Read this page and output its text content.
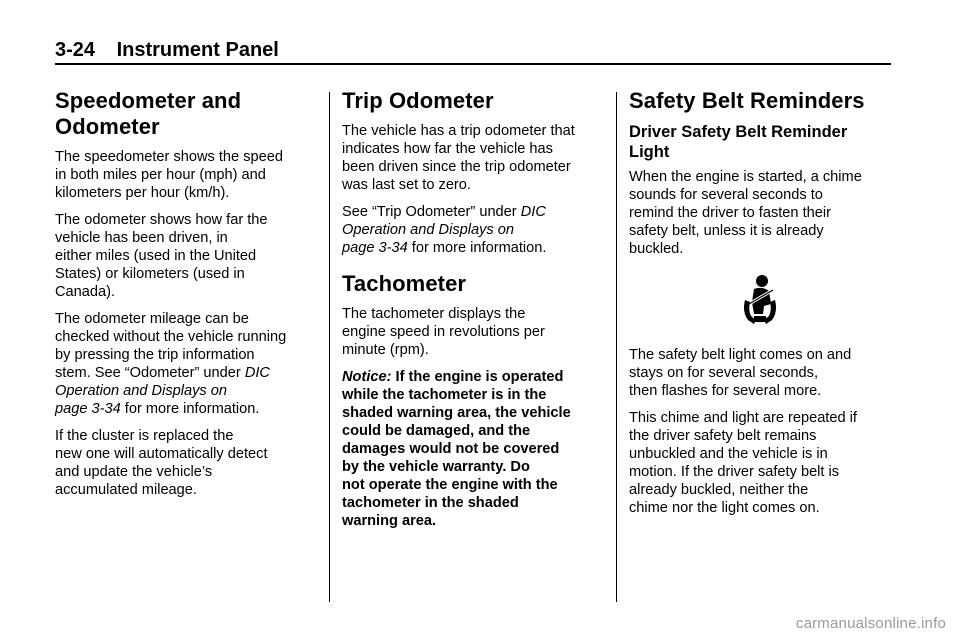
3-24 Instrument Panel
Speedometer and
Odometer

The speedometer shows the speed
in both miles per hour (mph) and
kilometers per hour (km/h).

The odometer shows how far the
vehicle has been driven, in
either miles (used in the United
States) or kilometers (used in
Canada).

The odometer mileage can be
checked without the vehicle running
by pressing the trip information
stem. See “Odometer” under DIC
Operation and Displays on
page 3-34 for more information.

If the cluster is replaced the
new one will automatically detect
and update the vehicle’s
accumulated mileage.

Trip Odometer

The vehicle has a trip odometer that
indicates how far the vehicle has
been driven since the trip odometer
was last set to zero.

See “Trip Odometer” under DIC
Operation and Displays on
page 3-34 for more information.

Tachometer

The tachometer displays the
engine speed in revolutions per
minute (rpm).

Notice: If the engine is operated
while the tachometer is in the
shaded warning area, the vehicle
could be damaged, and the
damages would not be covered
by the vehicle warranty. Do
not operate the engine with the
tachometer in the shaded
warning area.

Safety Belt Reminders
Driver Safety Belt Reminder
Light

When the engine is started, a chime
sounds for several seconds to
remind the driver to fasten their
safety belt, unless it is already
buckled.

The safety belt light comes on and
stays on for several seconds,
then flashes for several more.

This chime and light are repeated if
the driver safety belt remains
unbuckled and the vehicle is in
motion. If the driver safety belt is
already buckled, neither the
chime nor the light comes on.

carmanualsonline.info
